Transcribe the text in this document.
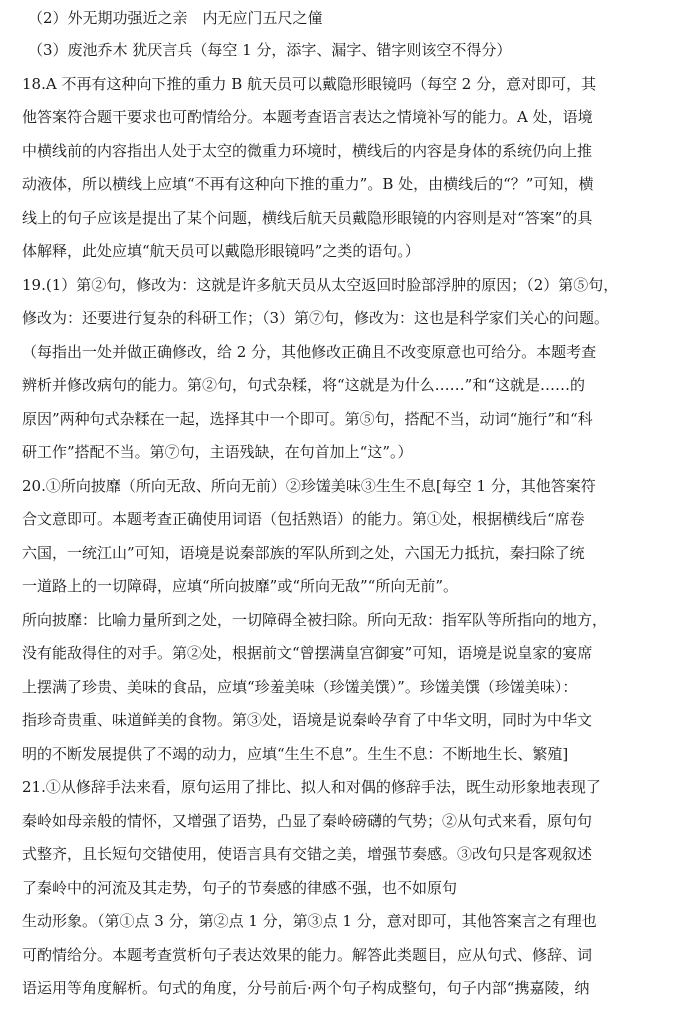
（2）外无期功强近之亲　内无应门五尺之僮
（3）废池乔木 犹厌言兵（每空 1 分，添字、漏字、错字则该空不得分）
18.A 不再有这种向下推的重力 B 航天员可以戴隐形眼镜吗（每空 2 分，意对即可，其
他答案符合题干要求也可酌情给分。本题考查语言表达之情境补写的能力。A 处，语境
中横线前的内容指出人处于太空的微重力环境时，横线后的内容是身体的系统仍向上推
动液体，所以横线上应填“不再有这种向下推的重力”。B 处，由横线后的“？”可知，横
线上的句子应该是提出了某个问题，横线后航天员戴隐形眼镜的内容则是对“答案”的具
体解释，此处应填“航天员可以戴隐形眼镜吗”之类的语句。）
19.(1）第②句，修改为：这就是许多航天员从太空返回时脸部浮肿的原因；（2）第⑤句，
修改为：还要进行复杂的科研工作；（3）第⑦句，修改为：这也是科学家们关心的问题。
（每指出一处并做正确修改，给 2 分，其他修改正确且不改变原意也可给分。本题考查
辨析并修改病句的能力。第②句，句式杂糅，将“这就是为什么……”和“这就是……的
原因”两种句式杂糅在一起，选择其中一个即可。第⑤句，搭配不当，动词“施行”和“科
研工作”搭配不当。第⑦句，主语残缺，在句首加上“这”。）
20.①所向披靡（所向无敌、所向无前）②珍馐美味③生生不息[每空 1 分，其他答案符
合文意即可。本题考查正确使用词语（包括熟语）的能力。第①处，根据横线后“席卷
六国，一统江山”可知，语境是说秦部族的军队所到之处，六国无力抵抗，秦扫除了统
一道路上的一切障碍，应填“所向披靡”或“所向无敌”“所向无前”。
所向披靡：比喻力量所到之处，一切障碍全被扫除。所向无敌：指军队等所指向的地方，
没有能敌得住的对手。第②处，根据前文“曾摆满皇宫御宴”可知，语境是说皇家的宴席
上摆满了珍贵、美味的食品，应填“珍羞美味（珍馐美馔）”。珍馐美馔（珍馐美味）：
指珍奇贵重、味道鲜美的食物。第③处，语境是说秦岭孕育了中华文明，同时为中华文
明的不断发展提供了不竭的动力，应填“生生不息”。生生不息：不断地生长、繁殖]
21.①从修辞手法来看，原句运用了排比、拟人和对偶的修辞手法，既生动形象地表现了
秦岭如母亲般的情怀，又增强了语势，凸显了秦岭磅礴的气势；②从句式来看，原句句
式整齐，且长短句交错使用，使语言具有交错之美，增强节奏感。③改句只是客观叙述
了秦岭中的河流及其走势，句子的节奏感的律感不强，也不如原句
生动形象。（第①点 3 分，第②点 1 分，第③点 1 分，意对即可，其他答案言之有理也
可酌情给分。本题考查赏析句子表达效果的能力。解答此类题目，应从句式、修辞、词
语运用等角度解析。句式的角度，分号前后·两个句子构成整句，句子内部“携嘉陵，纳
